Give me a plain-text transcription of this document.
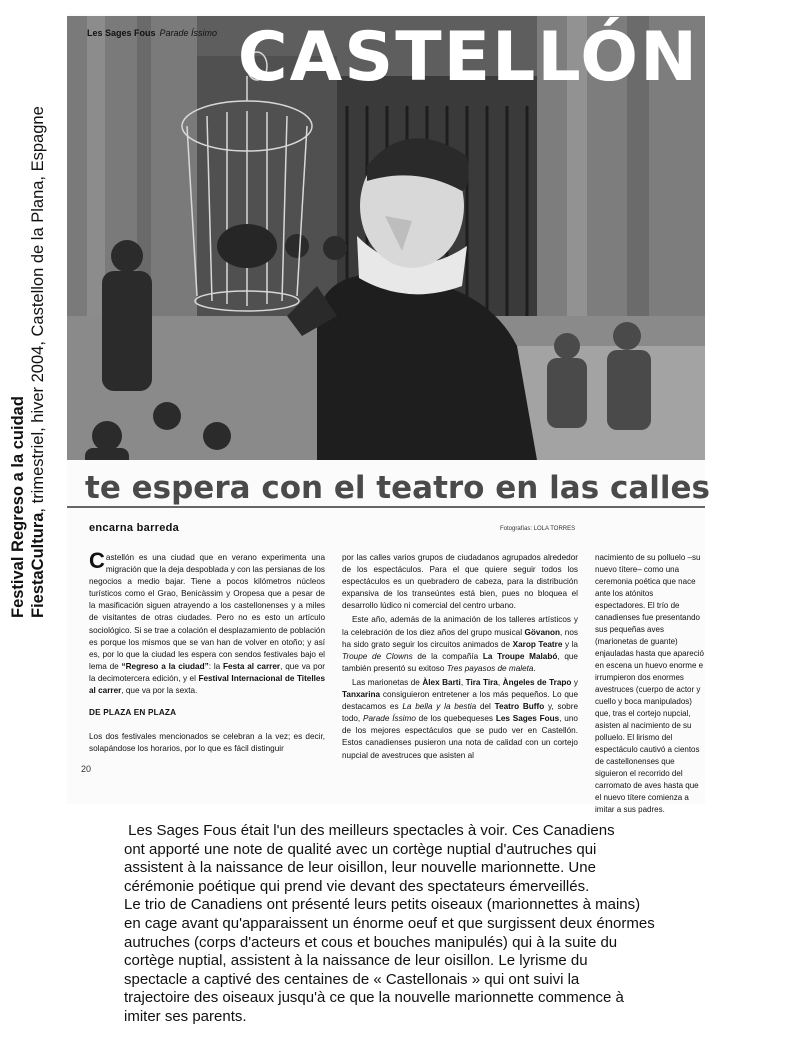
Les Sages Fous Parade Íssimo CASTELLÓN
te espera con el teatro en las calles
encarna barreda	Fotografías: LOLA TORRES

Castellón es una ciudad que en verano experimenta una migración que la deja despoblada y con las persianas de los negocios a medio bajar. Tiene a pocos kilómetros núcleos turísticos como el Grao, Benicàssim y Oropesa que a pesar de la masificación siguen atrayendo a los castellonenses y a miles de visitantes de otras ciudades. Pero no es esto un artículo sociológico. Si se trae a colación el desplazamiento de población es porque los mismos que se van han de volver en otoño; y así es, por lo que la ciudad les espera con sendos festivales bajo el lema de “Regreso a la ciudad”: la Festa al carrer, que va por la decimotercera edición, y el Festival Internacional de Titelles al carrer, que va por la sexta.

DE PLAZA EN PLAZA

Los dos festivales mencionados se celebran a la vez; es decir, solapándose los horarios, por lo que es fácil distinguir

por las calles varios grupos de ciudadanos agrupados alrededor de los espectáculos. Para el que quiere seguir todos los espectáculos es un quebradero de cabeza, para la distribución expansiva de los transeúntes está bien, pues no bloquea el desarrollo lúdico ni comercial del centro urbano.

Este año, además de la animación de los talleres artísticos y la celebración de los diez años del grupo musical Gövanon, nos ha sido grato seguir los circuitos animados de Xarop Teatre y la Troupe de Clowns de la compañía La Troupe Malabó, que también presentó su exitoso Tres payasos de maleta.

Las marionetas de Àlex Barti, Tira Tira, Àngeles de Trapo y Tanxarina consiguieron entretener a los más pequeños. Lo que destacamos es La bella y la bestia del Teatro Buffo y, sobre todo, Parade Íssimo de los quebequeses Les Sages Fous, uno de los mejores espectáculos que se pudo ver en Castellón. Estos canadienses pusieron una nota de calidad con un cortejo nupcial de avestruces que asisten al

nacimiento de su polluelo –su nuevo títere– como una ceremonia poética que nace ante los atónitos espectadores. El trío de canadienses fue presentando sus pequeñas aves (marionetas de guante) enjauladas hasta que apareció en escena un huevo enorme e irrumpieron dos enormes avestruces (cuerpo de actor y cuello y boca manipulados) que, tras el cortejo nupcial, asisten al nacimiento de su polluelo. El lirismo del espectáculo cautivó a cientos de castellonenses que siguieron el recorrido del carromato de aves hasta que el nuevo títere comienza a imitar a sus padres.

20
Festival Regreso a la cuidad FiestaCultura, trimestriel, hiver 2004, Castellon de la Plana, Espagne

Les Sages Fous était l'un des meilleurs spectacles à voir. Ces Canadiens

ont apporté une note de qualité avec un cortège nuptial d'autruches qui

assistent à la naissance de leur oisillon, leur nouvelle marionnette. Une

cérémonie poétique qui prend vie devant des spectateurs émerveillés.

Le trio de Canadiens ont présenté leurs petits oiseaux (marionnettes à mains)

en cage avant qu'apparaissent un énorme oeuf et que surgissent deux énormes

autruches (corps d'acteurs et cous et bouches manipulés) qui à la suite du

cortège nuptial, assistent à la naissance de leur oisillon. Le lyrisme du

spectacle a captivé des centaines de « Castellonais » qui ont suivi la

trajectoire des oiseaux jusqu'à ce que la nouvelle marionnette commence à

imiter ses parents.
